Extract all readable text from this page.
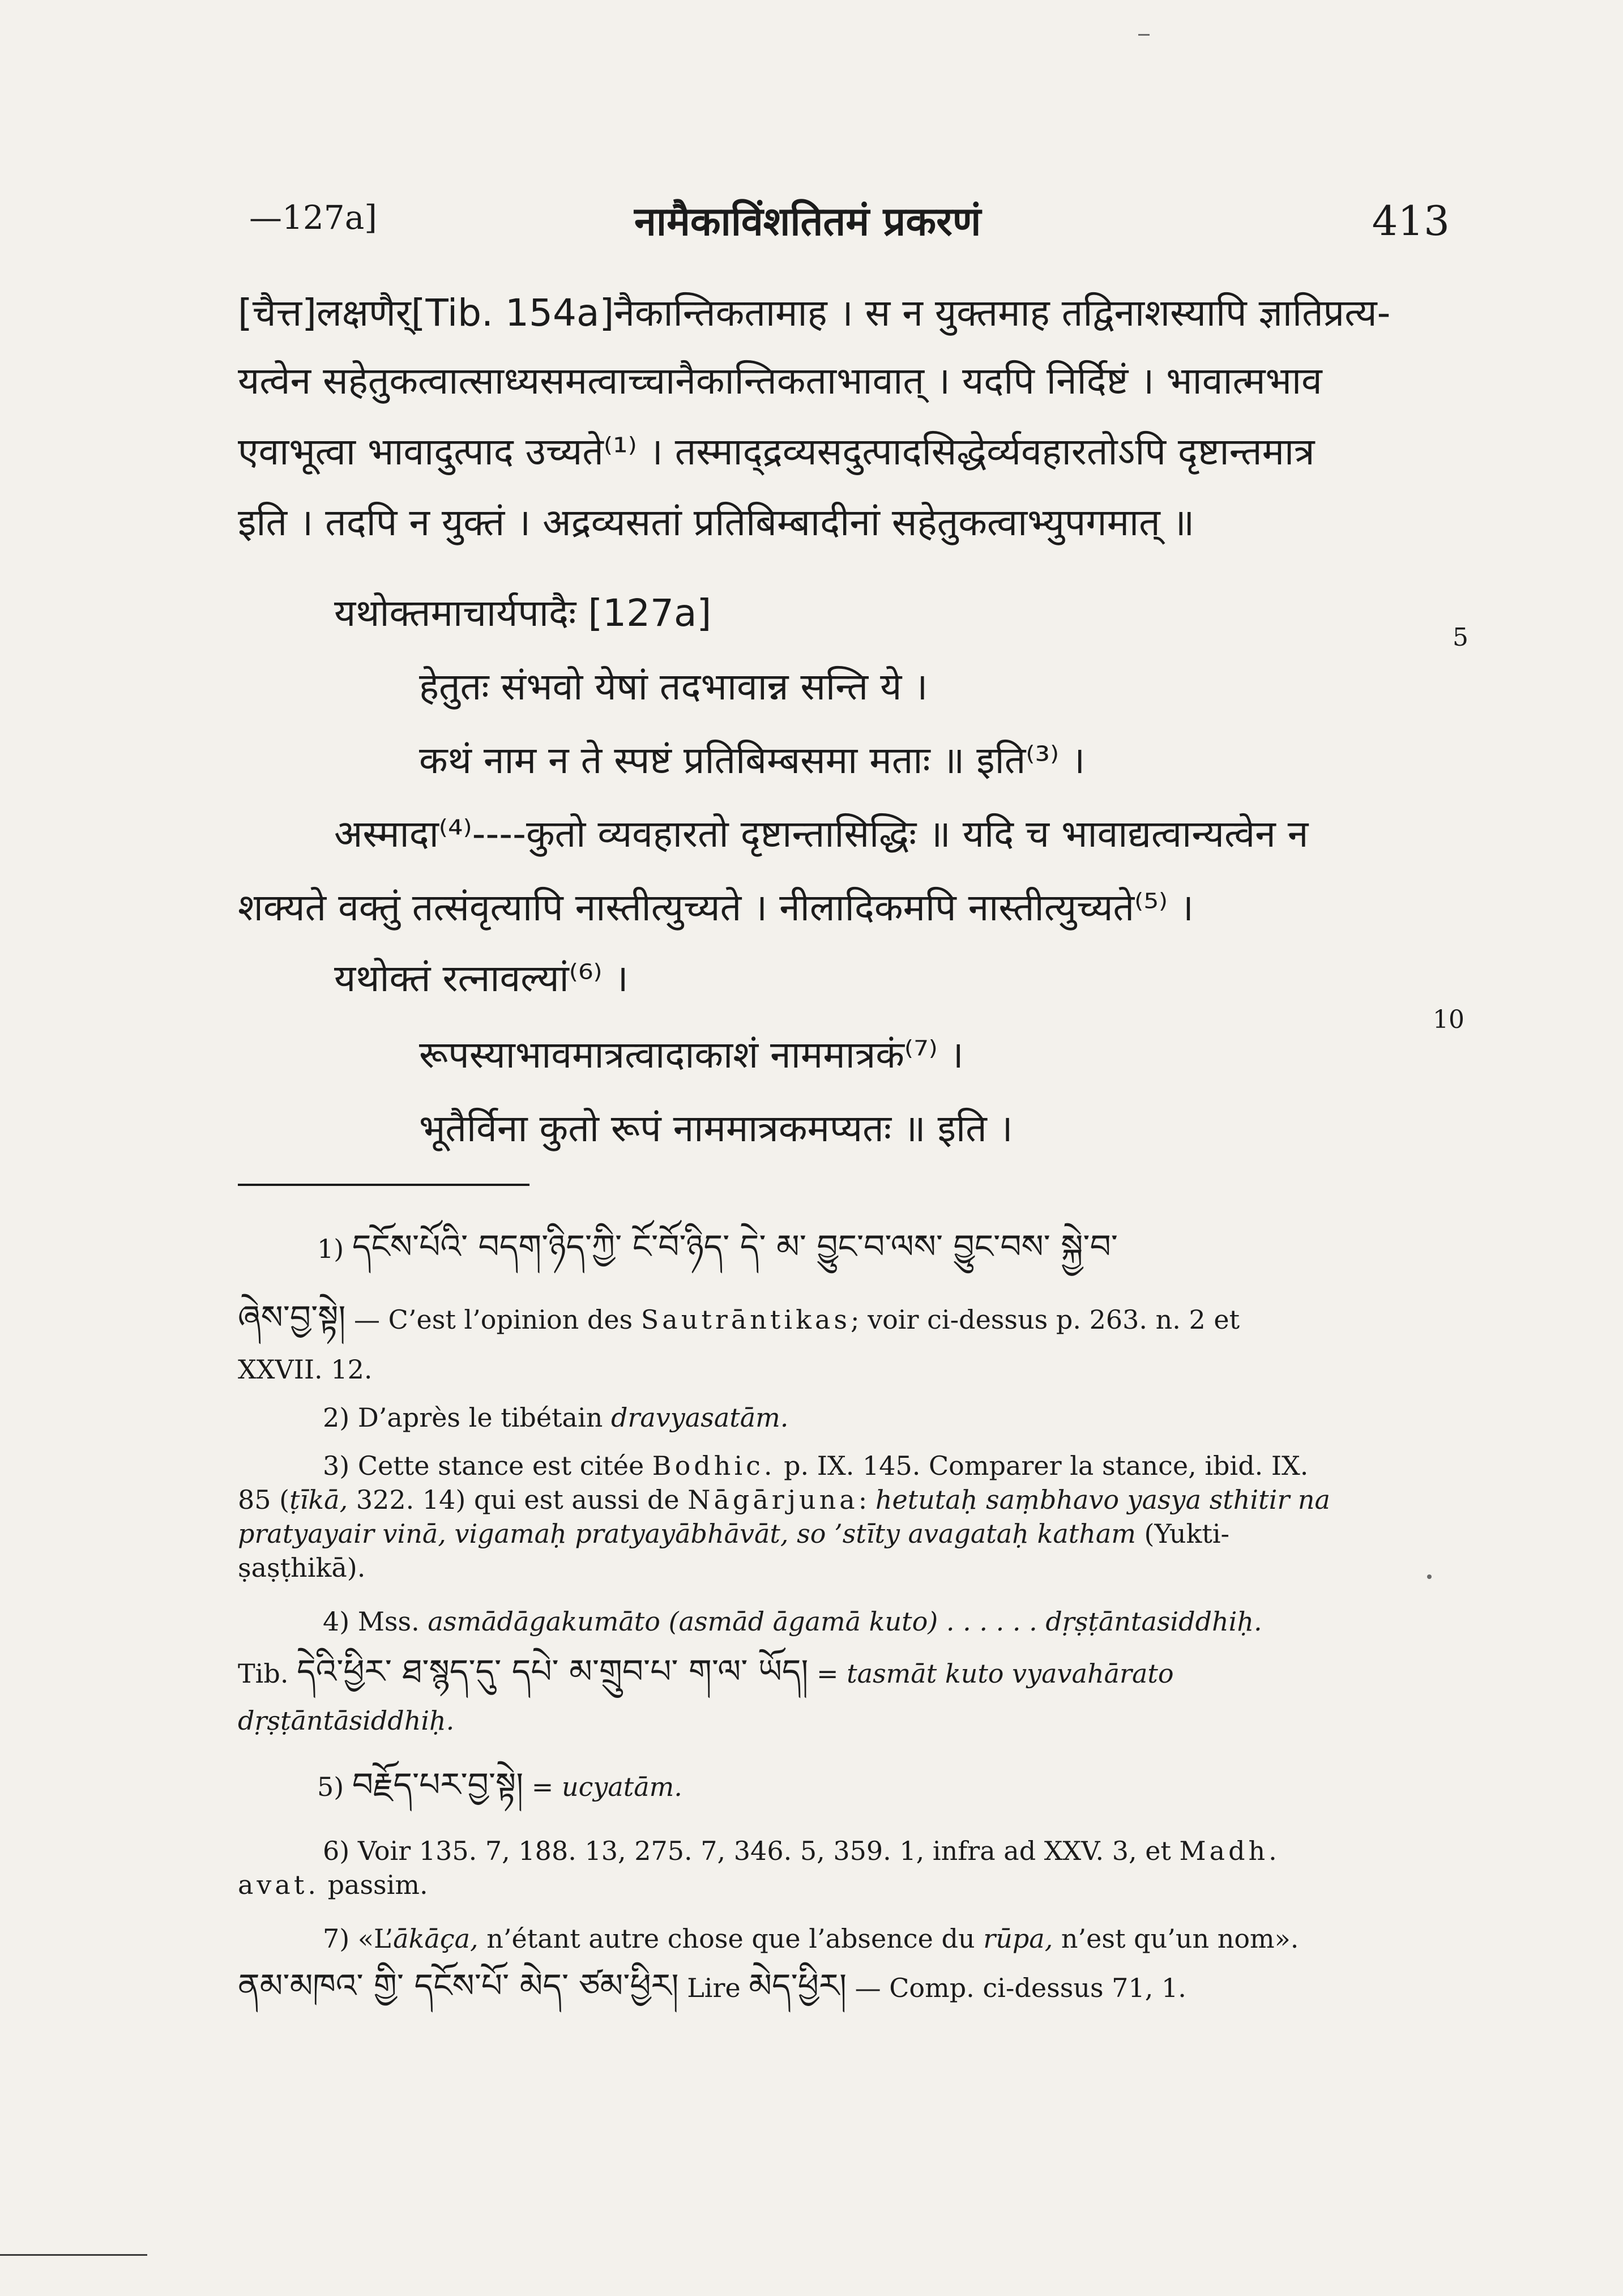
—127a]	नामैकाविंशतितमं प्रकरणं	413
[चैत्त]लक्षणैर्[Tib. 154a]नैकान्तिकतामाह । स न युक्तमाह तद्विनाशस्यापि ज्ञातिप्रत्य-
यत्वेन सहेतुकत्वात्साध्यसमत्वाच्चानैकान्तिकताभावात् । यदपि निर्दिष्टं । भावात्मभाव
एवाभूत्वा भावादुत्पाद उच्यते⁽¹⁾ । तस्माद्द्रव्यसदुत्पादसिद्धेर्व्यवहारतोऽपि दृष्टान्तमात्र
इति । तदपि न युक्तं । अद्रव्यसतां प्रतिबिम्बादीनां सहेतुकत्वाभ्युपगमात् ॥
यथोक्तमाचार्यपादैः [127a]
हेतुतः संभवो येषां तदभावान्न सन्ति ये ।
कथं नाम न ते स्पष्टं प्रतिबिम्बसमा मताः ॥ इति⁽³⁾ ।
अस्मादा⁽⁴⁾----कुतो व्यवहारतो दृष्टान्तासिद्धिः ॥ यदि च भावाद्यत्वान्यत्वेन न
शक्यते वक्तुं तत्संवृत्यापि नास्तीत्युच्यते । नीलादिकमपि नास्तीत्युच्यते⁽⁵⁾ ।
यथोक्तं रत्नावल्यां⁽⁶⁾ ।
रूपस्याभावमात्रत्वादाकाशं नाममात्रकं⁽⁷⁾ ।
भूतैर्विना कुतो रूपं नाममात्रकमप्यतः ॥ इति ।
5
10
1) དངོས་པོའི་ བདག་ཉིད་ཀྱི་ ངོ་བོ་ཉིད་ དེ་ མ་ བྱུང་བ་ལས་ བྱུང་བས་ སྐྱེ་བ་
ཞེས་བྱ་སྟེ། — C’est l’opinion des Sautrāntikas; voir ci-dessus p. 263. n. 2 et
XXVII. 12.
2) D’après le tibétain dravyasatām.
3) Cette stance est citée Bodhic. p. IX. 145. Comparer la stance, ibid. IX.
85 (ṭīkā, 322. 14) qui est aussi de Nāgārjuna: hetutaḥ saṃbhavo yasya sthitir na
pratyayair vinā, vigamaḥ pratyayābhāvāt, so ’stīty avagataḥ katham (Yukti-
ṣaṣṭhikā).
4) Mss. asmādāgakumāto (asmād āgamā kuto) . . . . . . dṛṣṭāntasiddhiḥ.
Tib. དེའི་ཕྱིར་ ཐ་སྙད་དུ་ དཔེ་ མ་གྲུབ་པ་ ག་ལ་ ཡོད། = tasmāt kuto vyavahārato
dṛṣṭāntāsiddhiḥ.
5) བརྗོད་པར་བྱ་སྟེ། = ucyatām.
6) Voir 135. 7, 188. 13, 275. 7, 346. 5, 359. 1, infra ad XXV. 3, et Madh.
avat. passim.
7) «L’ākāça, n’étant autre chose que l’absence du rūpa, n’est qu’un nom».
ནམ་མཁའ་ གྱི་ དངོས་པོ་ མེད་ ཙམ་ཕྱིར། Lire མེད་ཕྱིར། — Comp. ci-dessus 71, 1.
